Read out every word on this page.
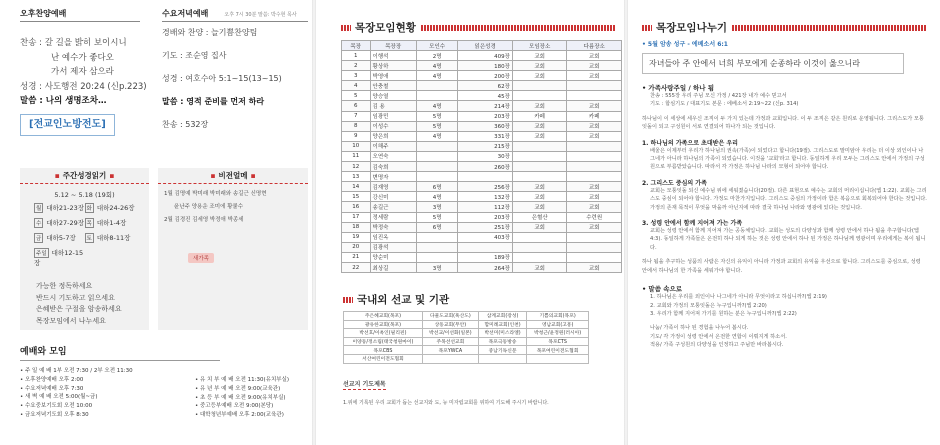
오후찬양예배
찬송 : 갈 길을 밝히 보이시니
난 예수가 좋다오
가서 제자 삼으라
성경 : 사도행전 20:24 (신p.223)
말씀 : 나의 생명조차…
[전교인노방전도]
수요저녁예배	오후 7시 30분 말씀: 박수현 목사
경배와 찬양 : 늘기쁨찬양팀
기도 : 조순영 집사
성경 : 여호수아 5:1~15(13~15)
말씀 : 영적 준비를 먼저 하라
찬송 : 532장
▪ 주간성경읽기 ▪
5.12 ~ 5.18 (19회)
월 대하21-23장 화 대하24-26장
수 대하27-29장 목 대하1-4장
금 대하5-7장	토 대하8-11장
주일 대하12-15장
가능한 정독하세요
반드시 기도하고 읽으세요
은혜받은 구절을 암송하세요
목장모임에서 나누세요
▪ 비전얼메 ▪
1월 김명예 박미래 박미래와 송길근 신명현
윤난주 양용운 조미에 황쿨수
2월 김경진 김세영 박정애 박종세
새가족
예배와 모임
• 주 일 예 배 1부 오전 7:30 / 2부 오전 11:30
• 오후찬양예배 오후 2:00
• 수요저녁예배 오후 7:30
• 새 벽 예 배 오전 5:00(월~금)
• 수요중보기도회 오전 10:00
• 금요저녁기도회 오후 8:30
• 유 치 부 예 배 오전 11:30(유치부실)
• 유 년 부 예 배 오전 9:00(교육관)
• 초 등 부 예 배 오전 9:00(유치부실)
• 중고등부예배 오전 9:00(본당)
• 대학청년부예배 오후 2:00(교육관)
목장모임현황
목장	목장장	모인수	읽은성경	모임장소	다름장소
1	이행석	2명	409장	교회	교회
2	황상하	4명	180장	교회	교회
3	박영애	4명	200장	교회	교회
4	안충철		62장		
5	양승열		45장		
6	김 용	4명	214장	교회	교회
7	임광민	5명	203장	카페	카페
8	이성수	5명	360장	교회	교회
9	양은희	4명	331장	교회	교회
10	이해주		215장		
11	오연숙		30장		
12	김숙희		260장		
13	변명자				
14	김재영	6명	256장	교회	교회
15	강신미	4명	132장	교회	교회
16	송길근	3명	112장	교회	교회
17	정세람	5명	203장	은혈산	수련원
18	박정숙	6명	251장	교회	교회
19	임진옥		403장		
20	김광석				
21	양순미		189장		
22	최상길	3명	264장	교회	교회
국내외 선교 및 기관
주은혜교회(목포)	다물도교회(흑산도)	삼계교회(장성)	기쁨의교회(목포)
광유한교회(목포)	상동교회(무안)	합미례교회(인천)	영남교회(고흥)
박선호/이옥인(필리핀)	박선교/이선화(일본)	박선미(미스라엘)	박청근/윤정원(러시아)
이양동/정소림(태국청원마이)	주목선선교회	목포극동방송	목포CTS
목포CBS	목포YWCA	중남기독신문	목포여린이전도협회
서산여린이전도협회			
선교지 기도제목
1.위에 기록된 우리 교회가 돕는 선교지와 도, 능 미자립교회를 위하여 기도해 주시기 바랍니다.
목장모임나누기
• 5월 암송 성구 - 에베소서 6:1
자녀들아 주 안에서 너희 부모에게 순종하라 이것이 옳으니라
• 가족사랑주일 / 하나 됨
찬송 : 555장 우리 주님 모신 가정 / 421장 내가 예수 믿고서
기도 : 합심기도 / 대표기도 본문 : 에베소서 2:19~22 (신p. 314)
하나님이 이 세상에 세우신 조직이 두 가지 있는데 가정과 교회입니다. 이 두 조직은 같은 원리로 운영됩니다. 그리스도가 모퉁잇돌이 되고 구성원이 서로 연결되어 하나가 되는 것입니다.
1. 하나님의 가족으로 초대받은 우리
배울은 이제부터 우리가 하나님의 권속(가족)이 되었다고 합니다(19절). 그리스도로 말미암아 우리는 더 이상 외인이나 나그네가 아니라 하나님의 가족이 되었습니다. 이것을 '교회'라고 합니다. 동일하게 우리 모두는 그리스도 안에서 가정의 구성원으로 부름받았습니다. 따라서 각 가정은 하나님 나라의 모형이 되어야 합니다.
2. 그리스도 중심의 가족
교회는 모퉁잇돌 되신 예수님 위에 세워졌습니다(20절). 다른 표현으로 예수는 교회의 머리이십니다(엡 1:22). 교회는 그리스도 중심이 되어야 합니다. 가정도 마찬가지입니다. 그리스도 중심의 가정이라 함은 복음으로 회복되어야 한다는 것입니다. 가정의 존재 목적이 무엇을 막을까 아닌지에 따라 결국 하나님 나라와 영광에 있다는 것입니다.
3. 성령 안에서 함께 지어져 가는 가족
교회는 성령 안에서 함께 지어져 가는 공동체입니다. 교회는 성도의 다양성과 함께 성령 안에서 하나 됨을 추구합니다(엡 4:3). 동일하게 가족들은 온전히 하나 되게 하는 것은 성령 안에서 하나 된 가정은 하나님께 영광이며 우리에게는 복이 됩니다.
하나 됨을 추구하는 성품의 사람은 자신의 유익이 아니라 가정과 교회의 유익을 우선으로 합니다. 그리스도를 중심으로, 성령 안에서 하나님의 한 가족을 세워가야 합니다.
• 말씀 속으로
1. 하나님은 우리를 외인이나 나그네가 아니라 무엇이라고 하십니까?(엡 2:19)
2. 교회와 가정의 모퉁잇돌은 누구입니까?(엡 2:20)
3. 우리가 함께 지어져 가기를 원하는 분은 누구입니까?(엡 2:22)
나눔/ 가족이 하나 된 경험을 나누어 봅시다.
기도/ 각 가정이 성령 안에서 온전한 연합이 이뤄지게 하소서.
적용/ 가족 구성원의 다양성을 인정하고 주님만 바라봅시다.
